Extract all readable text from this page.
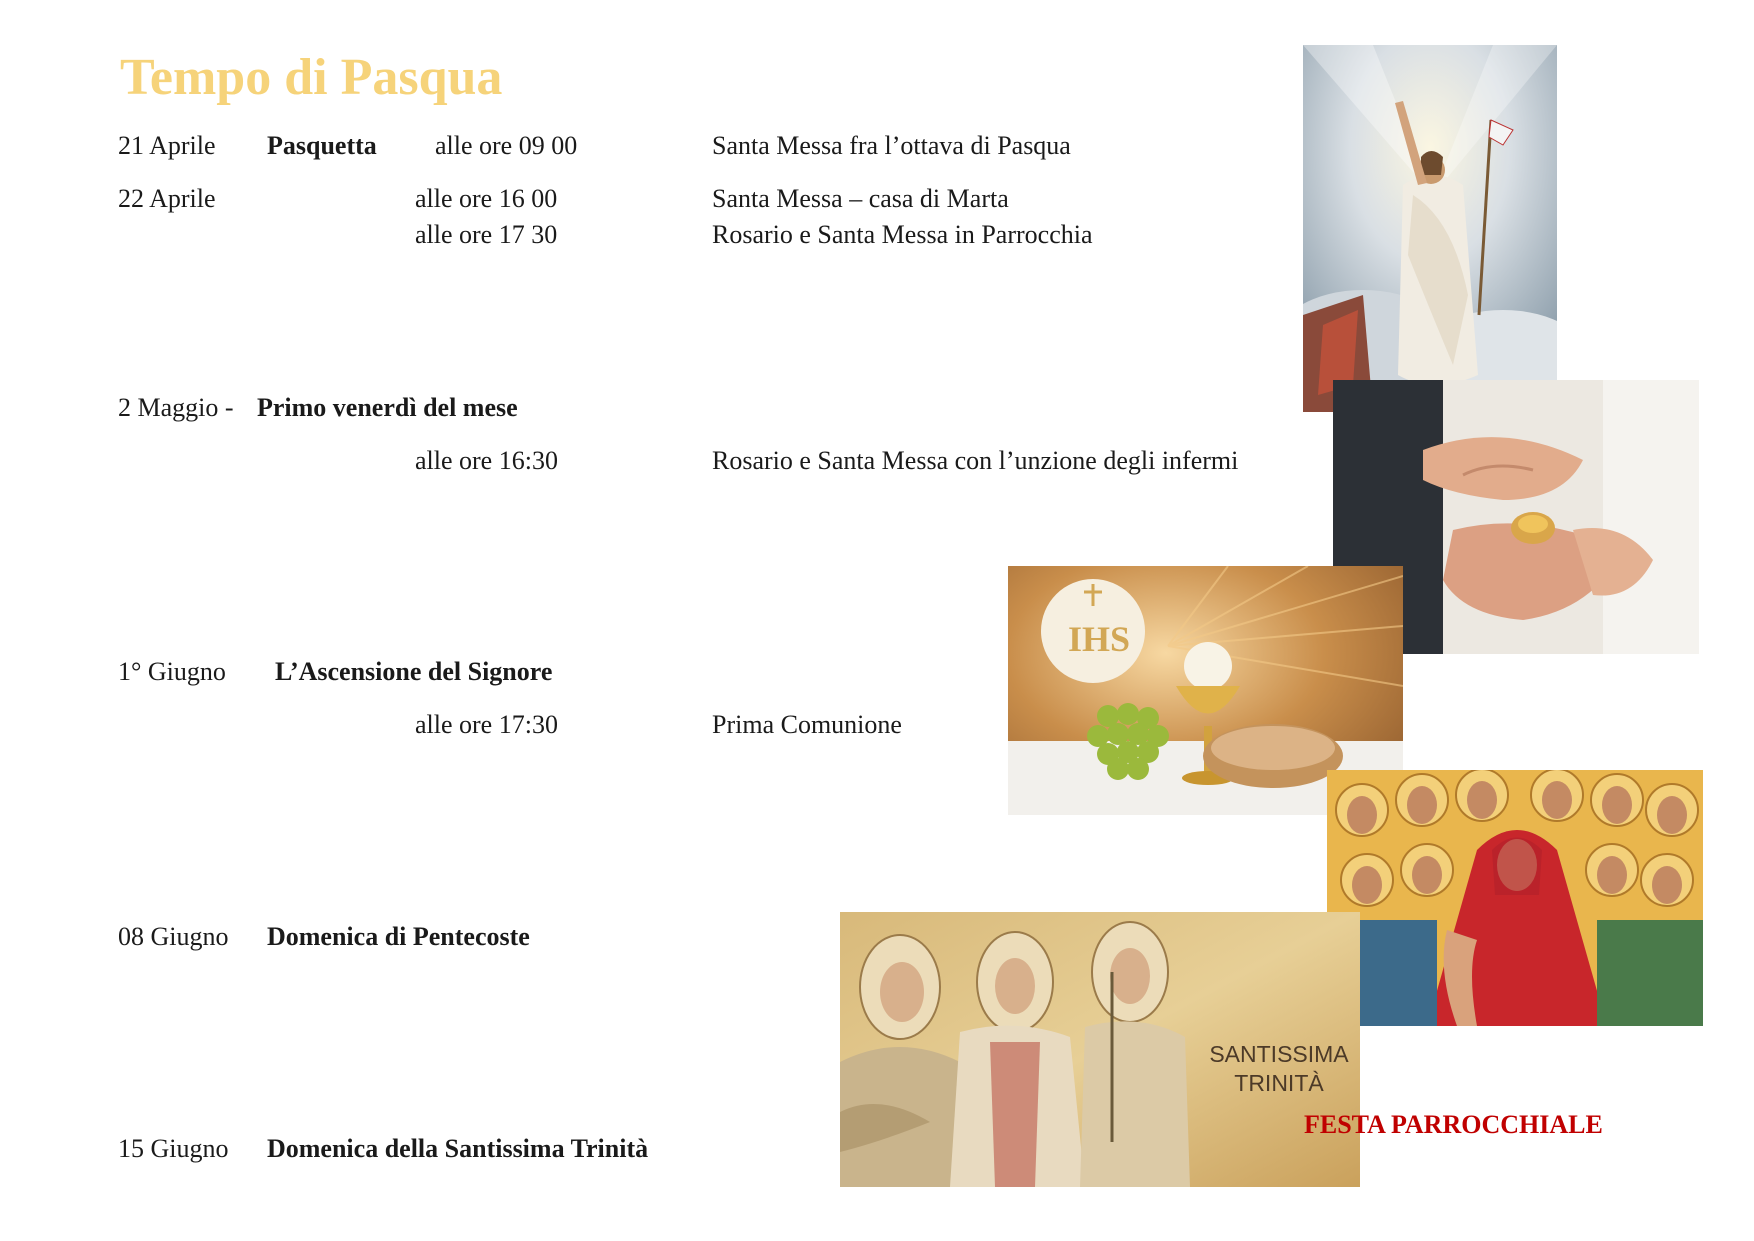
Tempo di Pasqua
21 Aprile Pasquetta alle ore 09 00	Santa Messa fra l’ottava di Pasqua
22 Aprile	alle ore 16 00	Santa Messa – casa di Marta
alle ore 17 30	Rosario e Santa Messa in Parrocchia
2 Maggio - Primo venerdì del mese
alle ore 16:30	Rosario e Santa Messa con l’unzione degli infermi
1° Giugno L’Ascensione del Signore
alle ore 17:30	Prima Comunione
08 Giugno Domenica di Pentecoste
15 Giugno Domenica della Santissima Trinità
IHS
SANTISSIMA
TRINITÀ
FESTA PARROCCHIALE
